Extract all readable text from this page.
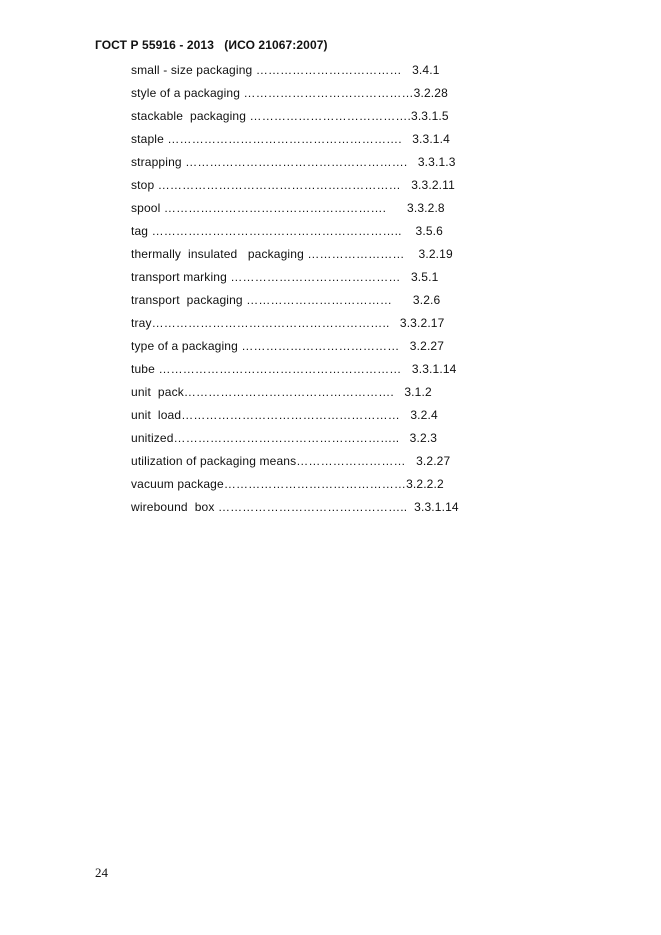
ГОСТ Р 55916 - 2013   (ИСО 21067:2007)
small - size packaging ………………………………   3.4.1
style of a packaging ……………………………………3.2.28
stackable  packaging ………………………………….3.3.1.5
staple ………………………………………………….   3.3.1.4
strapping ……………………………………………….   3.3.1.3
stop ……………………………………………………   3.3.2.11
spool ……………………………………………….      3.3.2.8
tag ……………………………………………………..    3.5.6
thermally  insulated   packaging ……………………    3.2.19
transport marking ……………………………………   3.5.1
transport  packaging ………………………………      3.2.6
tray…………………………………………………..   3.3.2.17
type of a packaging …………………………………   3.2.27
tube ……………………………………………………   3.3.1.14
unit  pack…………………………………………….   3.1.2
unit  load………………………………………………   3.2.4
unitized………………………………………………..   3.2.3
utilization of packaging means………………………   3.2.27
vacuum package………………………………………3.2.2.2
wirebound  box ………………………………………..  3.3.1.14
24
